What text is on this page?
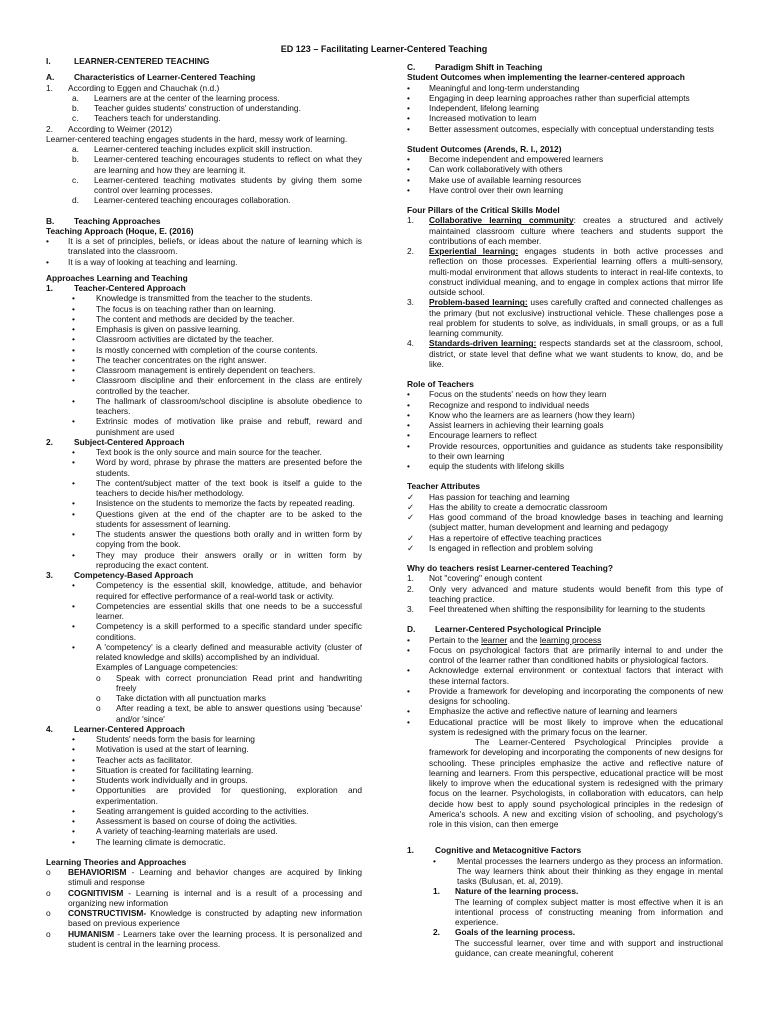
ED 123 – Facilitating Learner-Centered Teaching
I.	LEARNER-CENTERED TEACHING
A. Characteristics of Learner-Centered Teaching
1.	According to Eggen and Chauchak (n.d.)
a.	Learners are at the center of the learning process.
b.	Teacher guides students' construction of understanding.
c.	Teachers teach for understanding.
2.	According to Weimer (2012)
Learner-centered teaching engages students in the hard, messy work of learning.
a.	Learner-centered teaching includes explicit skill instruction.
b.	Learner-centered teaching encourages students to reflect on what they are learning and how they are learning it.
c.	Learner-centered teaching motivates students by giving them some control over learning processes.
d.	Learner-centered teaching encourages collaboration.
B. Teaching Approaches
Teaching Approach (Hoque, E. (2016)
•	It is a set of principles, beliefs, or ideas about the nature of learning which is translated into the classroom.
•	It is a way of looking at teaching and learning.
Approaches Learning and Teaching
1.	Teacher-Centered Approach
•	Knowledge is transmitted from the teacher to the students.
•	The focus is on teaching rather than on learning.
•	The content and methods are decided by the teacher.
•	Emphasis is given on passive learning.
•	Classroom activities are dictated by the teacher.
•	Is mostly concerned with completion of the course contents.
•	The teacher concentrates on the right answer.
•	Classroom management is entirely dependent on teachers.
•	Classroom discipline and their enforcement in the class are entirely controlled by the teacher.
•	The hallmark of classroom/school discipline is absolute obedience to teachers.
•	Extrinsic modes of motivation like praise and rebuff, reward and punishment are used
2.	Subject-Centered Approach
•	Text book is the only source and main source for the teacher.
•	Word by word, phrase by phrase the matters are presented before the students.
•	The content/subject matter of the text book is itself a guide to the teachers to decide his/her methodology.
•	Insistence on the students to memorize the facts by repeated reading.
•	Questions given at the end of the chapter are to be asked to the students for assessment of learning.
•	The students answer the questions both orally and in written form by copying from the book.
•	They may produce their answers orally or in written form by reproducing the exact content.
3.	Competency-Based Approach
•	Competency is the essential skill, knowledge, attitude, and behavior required for effective performance of a real-world task or activity.
•	Competencies are essential skills that one needs to be a successful learner.
•	Competency is a skill performed to a specific standard under specific conditions.
•	A 'competency' is a clearly defined and measurable activity (cluster of related knowledge and skills) accomplished by an individual.
Examples of Language competencies:
o	Speak with correct pronunciation Read print and handwriting freely
o	Take dictation with all punctuation marks
o	After reading a text, be able to answer questions using 'because' and/or 'since'
4.	Learner-Centered Approach
•	Students' needs form the basis for learning
•	Motivation is used at the start of learning.
•	Teacher acts as facilitator.
•	Situation is created for facilitating learning.
•	Students work individually and in groups.
•	Opportunities are provided for questioning, exploration and experimentation.
•	Seating arrangement is guided according to the activities.
•	Assessment is based on course of doing the activities.
•	A variety of teaching-learning materials are used.
•	The learning climate is democratic.
Learning Theories and Approaches
o	BEHAVIORISM - Learning and behavior changes are acquired by linking stimuli and response
o	COGNITIVISM - Learning is internal and is a result of a processing and organizing new information
o	CONSTRUCTIVISM- Knowledge is constructed by adapting new information based on previous experience
o	HUMANISM - Learners take over the learning process. It is personalized and student is central in the learning process.
C. Paradigm Shift in Teaching
Student Outcomes when implementing the learner-centered approach
•	Meaningful and long-term understanding
•	Engaging in deep learning approaches rather than superficial attempts
•	Independent, lifelong learning
•	Increased motivation to learn
•	Better assessment outcomes, especially with conceptual understanding tests
Student Outcomes (Arends, R. I., 2012)
•	Become independent and empowered learners
•	Can work collaboratively with others
•	Make use of available learning resources
•	Have control over their own learning
Four Pillars of the Critical Skills Model
1.	Collaborative learning community: creates a structured and actively maintained classroom culture where teachers and students support the contributions of each member.
2.	Experiential learning: engages students in both active processes and reflection on those processes. Experiential learning offers a multi-sensory, multi-modal environment that allows students to interact in real-life contexts, to construct individual meaning, and to engage in complex actions that mirror life outside school.
3.	Problem-based learning: uses carefully crafted and connected challenges as the primary (but not exclusive) instructional vehicle. These challenges pose a real problem for students to solve, as individuals, in small groups, or as a full learning community.
4.	Standards-driven learning: respects standards set at the classroom, school, district, or state level that define what we want students to know, do, and be like.
Role of Teachers
•	Focus on the students' needs on how they learn
•	Recognize and respond to individual needs
•	Know who the learners are as learners (how they learn)
•	Assist learners in achieving their learning goals
•	Encourage learners to reflect
•	Provide resources, opportunities and guidance as students take responsibility to their own learning
•	equip the students with lifelong skills
Teacher Attributes
✓	Has passion for teaching and learning
✓	Has the ability to create a democratic classroom
✓	Has good command of the broad knowledge bases in teaching and learning (subject matter, human development and learning and pedagogy
✓	Has a repertoire of effective teaching practices
✓	Is engaged in reflection and problem solving
Why do teachers resist Learner-centered Teaching?
1.	Not "covering" enough content
2.	Only very advanced and mature students would benefit from this type of teaching practice.
3.	Feel threatened when shifting the responsibility for learning to the students
D. Learner-Centered Psychological Principle
•	Pertain to the learner and the learning process
•	Focus on psychological factors that are primarily internal to and under the control of the learner rather than conditioned habits or physiological factors.
•	Acknowledge external environment or contextual factors that interact with these internal factors.
•	Provide a framework for developing and incorporating the components of new designs for schooling.
•	Emphasize the active and reflective nature of learning and learners
•	Educational practice will be most likely to improve when the educational system is redesigned with the primary focus on the learner.
The Learner-Centered Psychological Principles provide a framework for developing and incorporating the components of new designs for schooling. These principles emphasize the active and reflective nature of learning and learners. From this perspective, educational practice will be most likely to improve when the educational system is redesigned with the primary focus on the learner. Psychologists, in collaboration with educators, can help decide how best to apply sound psychological principles in the redesign of America's schools. A new and exciting vision of schooling, and psychology's role in this vision, can then emerge
1.	Cognitive and Metacognitive Factors
•	Mental processes the learners undergo as they process an information. The way learners think about their thinking as they engage in mental tasks (Bulusan, et. al, 2019).
1.	Nature of the learning process.
The learning of complex subject matter is most effective when it is an intentional process of constructing meaning from information and experience.
2.	Goals of the learning process.
The successful learner, over time and with support and instructional guidance, can create meaningful, coherent
